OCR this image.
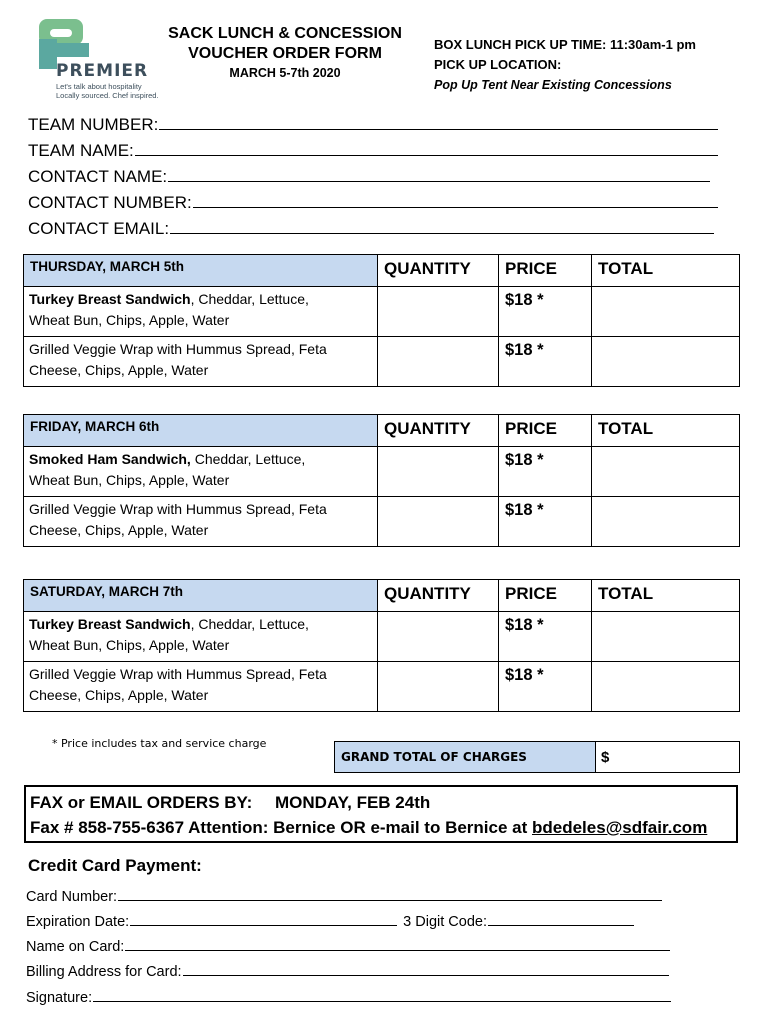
PREMIER
Let's talk about hospitality
Locally sourced. Chef inspired.
SACK LUNCH & CONCESSION
VOUCHER ORDER FORM
MARCH 5-7th 2020
BOX LUNCH PICK UP TIME: 11:30am-1 pm
PICK UP LOCATION:
Pop Up Tent Near Existing Concessions
TEAM NUMBER:
TEAM NAME:
CONTACT NAME:
CONTACT NUMBER:
CONTACT EMAIL:
THURSDAY, MARCH 5th	QUANTITY	PRICE	TOTAL
Turkey Breast Sandwich, Cheddar, Lettuce,
Wheat Bun, Chips, Apple, Water		$18 *	
Grilled Veggie Wrap with Hummus Spread, Feta
Cheese, Chips, Apple, Water		$18 *	
FRIDAY, MARCH 6th	QUANTITY	PRICE	TOTAL
Smoked Ham Sandwich, Cheddar, Lettuce,
Wheat Bun, Chips, Apple, Water		$18 *	
Grilled Veggie Wrap with Hummus Spread, Feta
Cheese, Chips, Apple, Water		$18 *	
SATURDAY, MARCH 7th	QUANTITY	PRICE	TOTAL
Turkey Breast Sandwich, Cheddar, Lettuce,
Wheat Bun, Chips, Apple, Water		$18 *	
Grilled Veggie Wrap with Hummus Spread, Feta
Cheese, Chips, Apple, Water		$18 *	
* Price includes tax and service charge
GRAND TOTAL OF CHARGES	$
FAX or EMAIL ORDERS BY: MONDAY, FEB 24th
Fax # 858-755-6367 Attention: Bernice OR e-mail to Bernice at bdedeles@sdfair.com
Credit Card Payment:
Card Number:
Expiration Date:	3 Digit Code:
Name on Card:
Billing Address for Card:
Signature:
